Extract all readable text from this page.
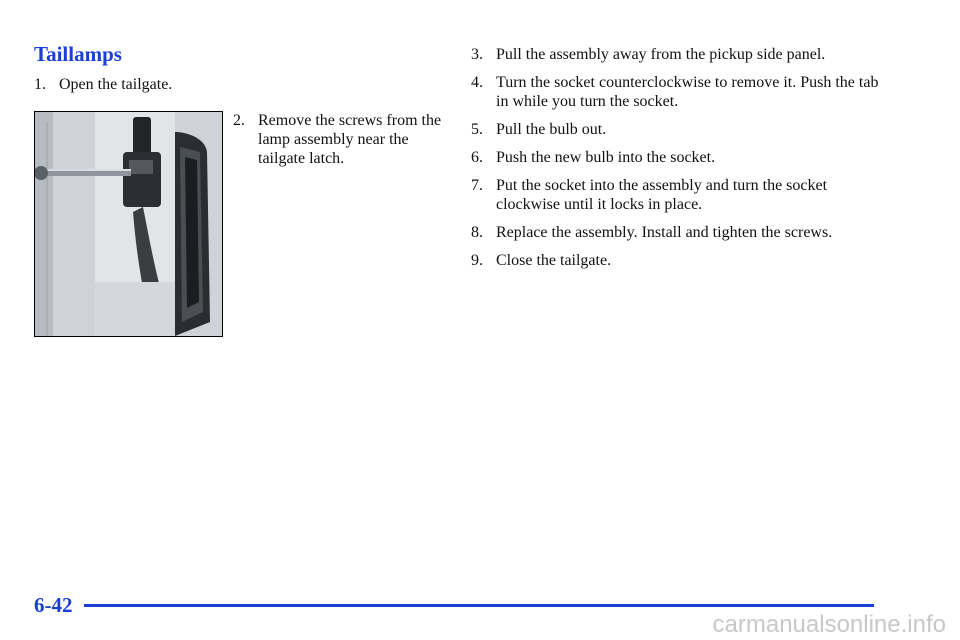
Taillamps
1. Open the tailgate.
2. Remove the screws from the lamp assembly near the tailgate latch.
3. Pull the assembly away from the pickup side panel.
4. Turn the socket counterclockwise to remove it. Push the tab in while you turn the socket.
5. Pull the bulb out.
6. Push the new bulb into the socket.
7. Put the socket into the assembly and turn the socket clockwise until it locks in place.
8. Replace the assembly. Install and tighten the screws.
9. Close the tailgate.
6-42
carmanualsonline.info
